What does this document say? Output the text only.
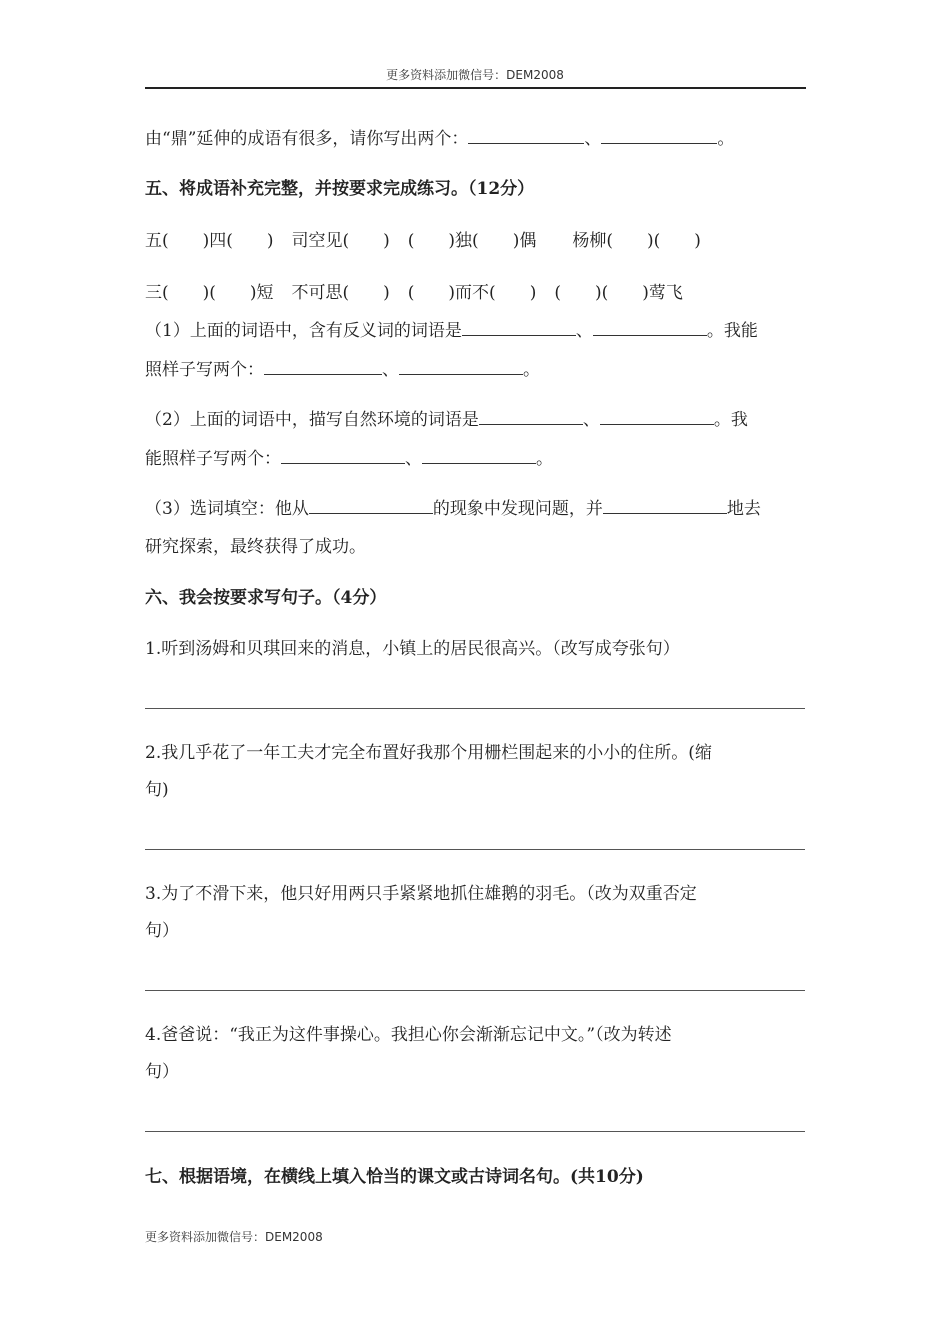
更多资料添加微信号：DEM2008
由“鼎”延伸的成语有很多，请你写出两个：	、	。
五、将成语补充完整，并按要求完成练习。（12分）
五(　　)四(　　) 司空见(　　) (　　)独(　　)偶 杨柳(　　)(　　)
三(　　)(　　)短 不可思(　　) (　　)而不(　　) (　　)(　　)莺飞
（1）上面的词语中，含有反义词的词语是	、	。我能
照样子写两个：	、	。
（2）上面的词语中，描写自然环境的词语是	、	。我
能照样子写两个：	、	。
（3）选词填空：他从	的现象中发现问题，并	地去
研究探索，最终获得了成功。
六、我会按要求写句子。（4分）
1.听到汤姆和贝琪回来的消息，小镇上的居民很高兴。（改写成夸张句）
2.我几乎花了一年工夫才完全布置好我那个用栅栏围起来的小小的住所。(缩
句)
3.为了不滑下来，他只好用两只手紧紧地抓住雄鹅的羽毛。（改为双重否定
句）
4.爸爸说：“我正为这件事操心。我担心你会渐渐忘记中文。”（改为转述
句）
七、根据语境，在横线上填入恰当的课文或古诗词名句。(共10分)
更多资料添加微信号：DEM2008
